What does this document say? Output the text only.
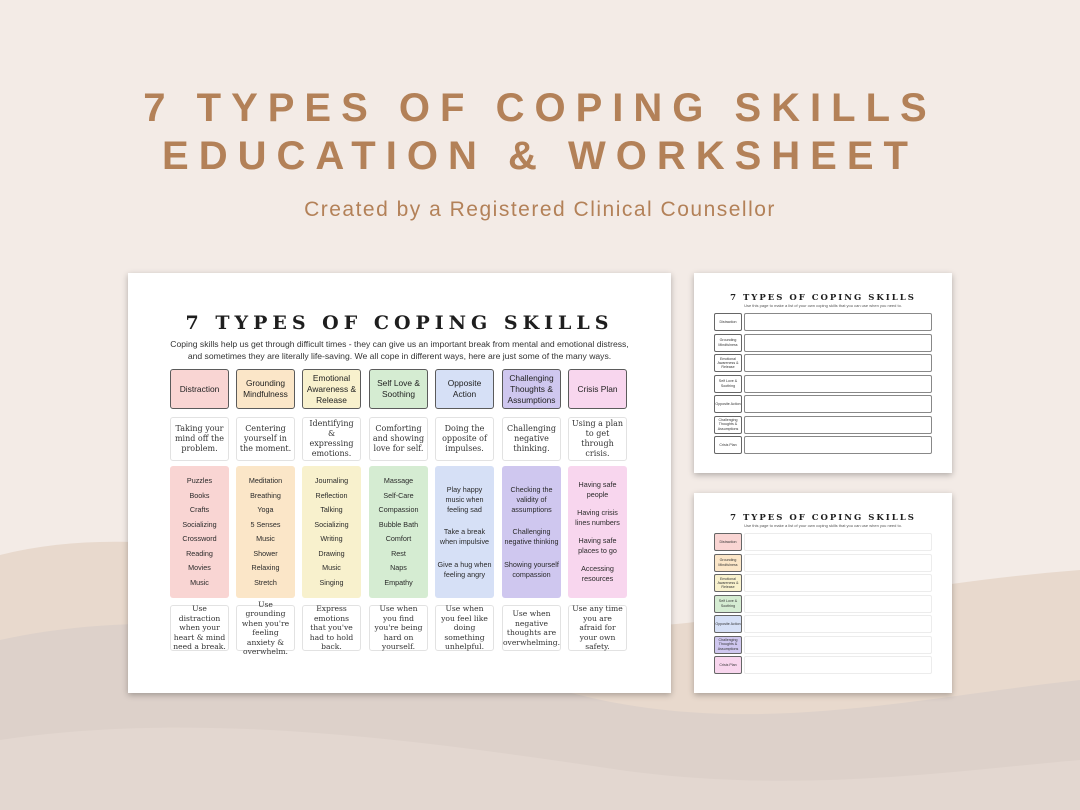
7 TYPES OF COPING SKILLS
EDUCATION & WORKSHEET
Created by a Registered Clinical Counsellor
7 TYPES OF COPING SKILLS
Coping skills help us get through difficult times - they can give us an important break from mental and emotional distress,
and sometimes they are literally life-saving. We all cope in different ways, here are just some of the many ways.
Distraction
Taking your mind off the problem.
Puzzles
Books
Crafts
Socializing
Crossword
Reading
Movies
Music
Use distraction when your heart & mind need a break.
Grounding Mindfulness
Centering yourself in the moment.
Meditation
Breathing
Yoga
5 Senses
Music
Shower
Relaxing
Stretch
Use grounding when you're feeling anxiety & overwhelm.
Emotional Awareness & Release
Identifying & expressing emotions.
Journaling
Reflection
Talking
Socializing
Writing
Drawing
Music
Singing
Express emotions that you've had to hold back.
Self Love & Soothing
Comforting and showing love for self.
Massage
Self-Care
Compassion
Bubble Bath
Comfort
Rest
Naps
Empathy
Use when you find you're being hard on yourself.
Opposite Action
Doing the opposite of impulses.
Play happy music when feeling sad
Take a break when impulsive
Give a hug when feeling angry
Use when you feel like doing something unhelpful.
Challenging Thoughts & Assumptions
Challenging negative thinking.
Checking the validity of assumptions
Challenging negative thinking
Showing yourself compassion
Use when negative thoughts are overwhelming.
Crisis Plan
Using a plan to get through crisis.
Having safe people
Having crisis lines numbers
Having safe places to go
Accessing resources
Use any time you are afraid for your own safety.
7 TYPES OF COPING SKILLS
Use this page to make a list of your own coping skills that you can use when you need to.
Distraction
Grounding Mindfulness
Emotional Awareness & Release
Self Love & Soothing
Opposite Action
Challenging Thoughts & Assumptions
Crisis Plan
7 TYPES OF COPING SKILLS
Use this page to make a list of your own coping skills that you can use when you need to.
Distraction
Grounding Mindfulness
Emotional Awareness & Release
Self Love & Soothing
Opposite Action
Challenging Thoughts & Assumptions
Crisis Plan
